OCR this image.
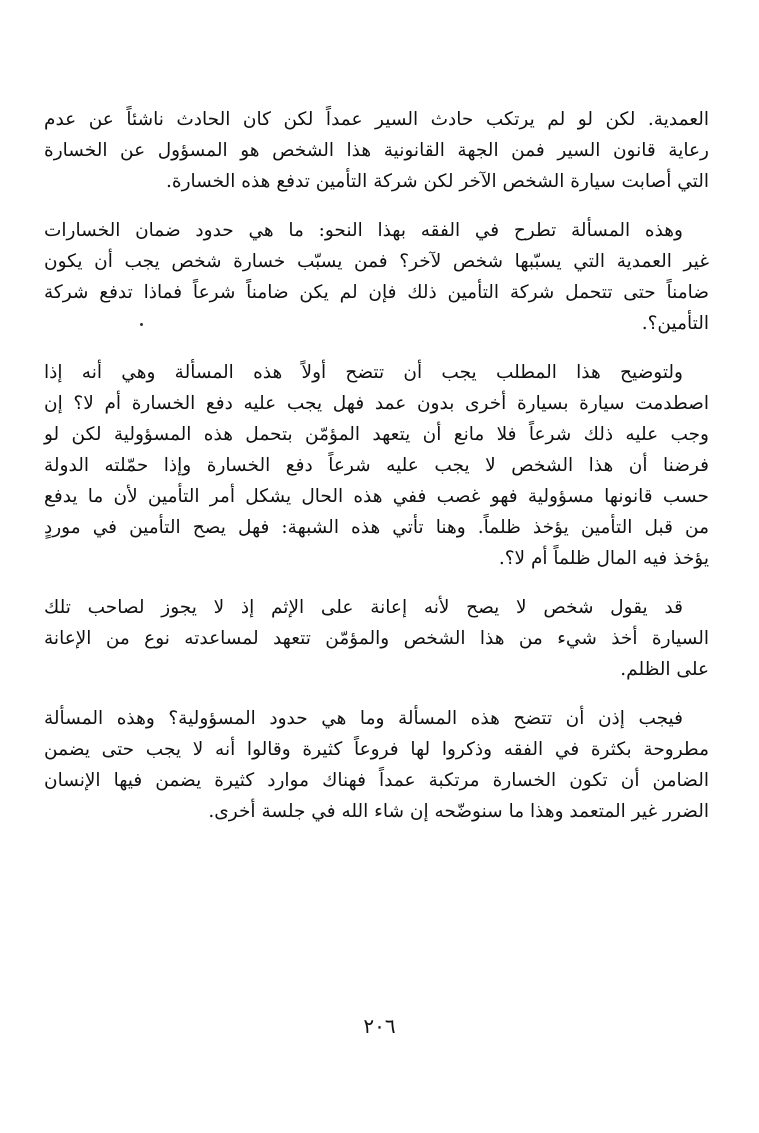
العمدية. لكن لو لم يرتكب حادث السير عمداً لكن كان الحادث ناشئاً عن عدم
رعاية قانون السير فمن الجهة القانونية هذا الشخص هو المسؤول عن الخسارة
التي أصابت سيارة الشخص الآخر لكن شركة التأمين تدفع هذه الخسارة.
وهذه المسألة تطرح في الفقه بهذا النحو: ما هي حدود ضمان الخسارات
غير العمدية التي يسبّبها شخص لآخر؟ فمن يسبّب خسارة شخص يجب أن يكون
ضامناً حتى تتحمل شركة التأمين ذلك فإن لم يكن ضامناً شرعاً فماذا تدفع شركة
التأمين؟.
ولتوضيح هذا المطلب يجب أن تتضح أولاً هذه المسألة وهي أنه إذا
اصطدمت سيارة بسيارة أخرى بدون عمد فهل يجب عليه دفع الخسارة أم لا؟ إن
وجب عليه ذلك شرعاً فلا مانع أن يتعهد المؤمّن بتحمل هذه المسؤولية لكن لو
فرضنا أن هذا الشخص لا يجب عليه شرعاً دفع الخسارة وإذا حمّلته الدولة
حسب قانونها مسؤولية فهو غصب ففي هذه الحال يشكل أمر التأمين لأن ما يدفع
من قبل التأمين يؤخذ ظلماً. وهنا تأتي هذه الشبهة: فهل يصح التأمين في موردٍ
يؤخذ فيه المال ظلماً أم لا؟.
قد يقول شخص لا يصح لأنه إعانة على الإثم إذ لا يجوز لصاحب تلك
السيارة أخذ شيء من هذا الشخص والمؤمّن تتعهد لمساعدته نوع من الإعانة
على الظلم.
فيجب إذن أن تتضح هذه المسألة وما هي حدود المسؤولية؟ وهذه المسألة
مطروحة بكثرة في الفقه وذكروا لها فروعاً كثيرة وقالوا أنه لا يجب حتى يضمن
الضامن أن تكون الخسارة مرتكبة عمداً فهناك موارد كثيرة يضمن فيها الإنسان
الضرر غير المتعمد وهذا ما سنوضّحه إن شاء الله في جلسة أخرى.
٢٠٦
